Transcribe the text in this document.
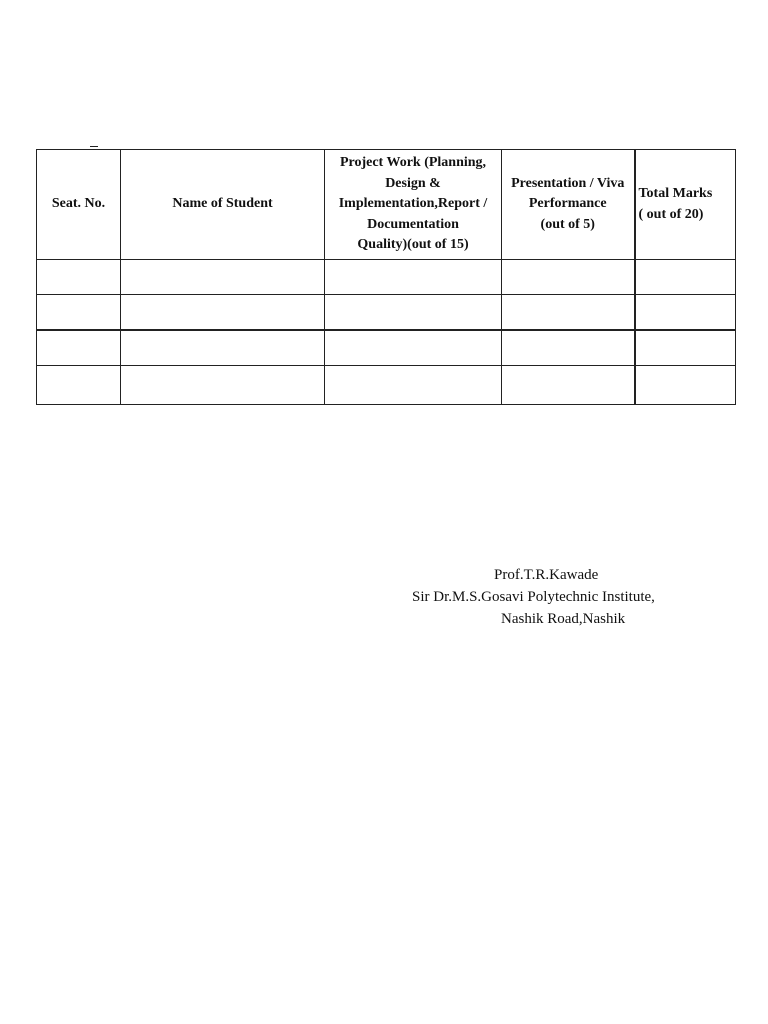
Seat. No.	Name of Student	Project Work (Planning,
Design &
Implementation,Report /
Documentation
Quality)(out of 15)	Presentation / Viva
Performance
(out of 5)	Total Marks
( out of 20)

Prof.T.R.Kawade
Sir Dr.M.S.Gosavi Polytechnic Institute,
Nashik Road,Nashik
